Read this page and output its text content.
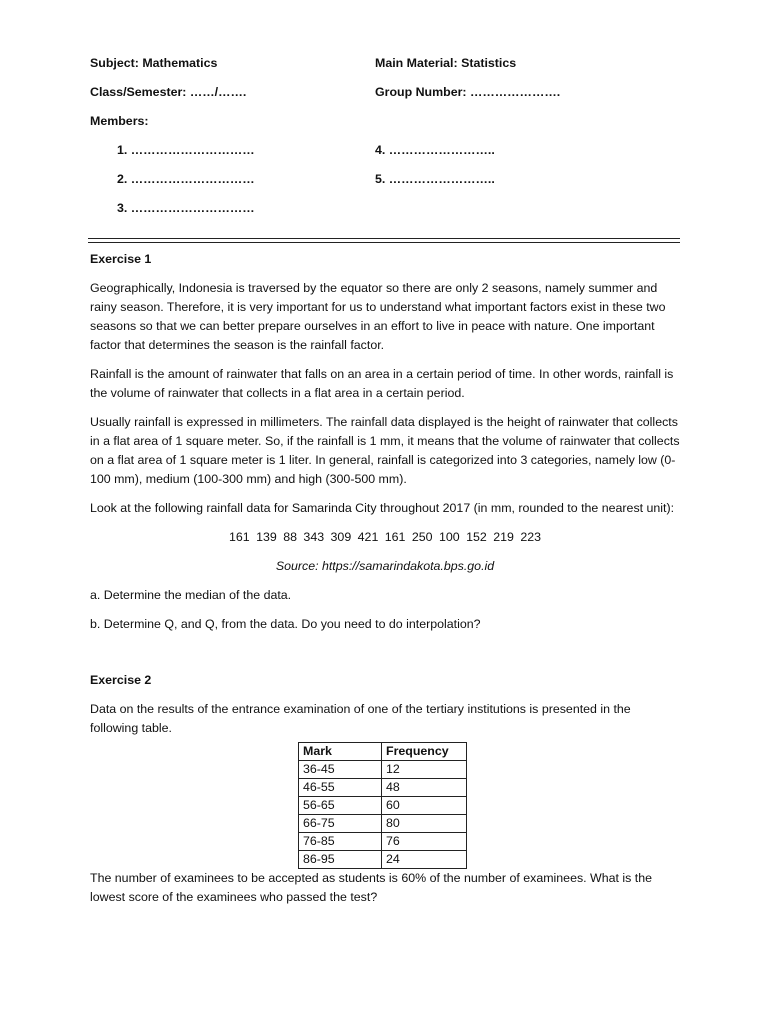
Subject: Mathematics	Main Material: Statistics
Class/Semester: ……/…….	Group Number: ………………….
Members:
1. …………………………	4. ……………………..
2. …………………………	5. ……………………..
3. …………………………
Exercise 1

Geographically, Indonesia is traversed by the equator so there are only 2 seasons, namely summer and rainy season. Therefore, it is very important for us to understand what important factors exist in these two seasons so that we can better prepare ourselves in an effort to live in peace with nature. One important factor that determines the season is the rainfall factor.

Rainfall is the amount of rainwater that falls on an area in a certain period of time. In other words, rainfall is the volume of rainwater that collects in a flat area in a certain period.

Usually rainfall is expressed in millimeters. The rainfall data displayed is the height of rainwater that collects in a flat area of 1 square meter. So, if the rainfall is 1 mm, it means that the volume of rainwater that collects on a flat area of 1 square meter is 1 liter. In general, rainfall is categorized into 3 categories, namely low (0-100 mm), medium (100-300 mm) and high (300-500 mm).

Look at the following rainfall data for Samarinda City throughout 2017 (in mm, rounded to the nearest unit):

161 139 88 343 309 421 161 250 100 152 219 223
Source: https://samarindakota.bps.go.id

a. Determine the median of the data.

b. Determine Q, and Q, from the data. Do you need to do interpolation?

Exercise 2

Data on the results of the entrance examination of one of the tertiary institutions is presented in the following table.

Mark	Frequency
36-45	12
46-55	48
56-65	60
66-75	80
76-85	76
86-95	24

The number of examinees to be accepted as students is 60% of the number of examinees. What is the lowest score of the examinees who passed the test?
